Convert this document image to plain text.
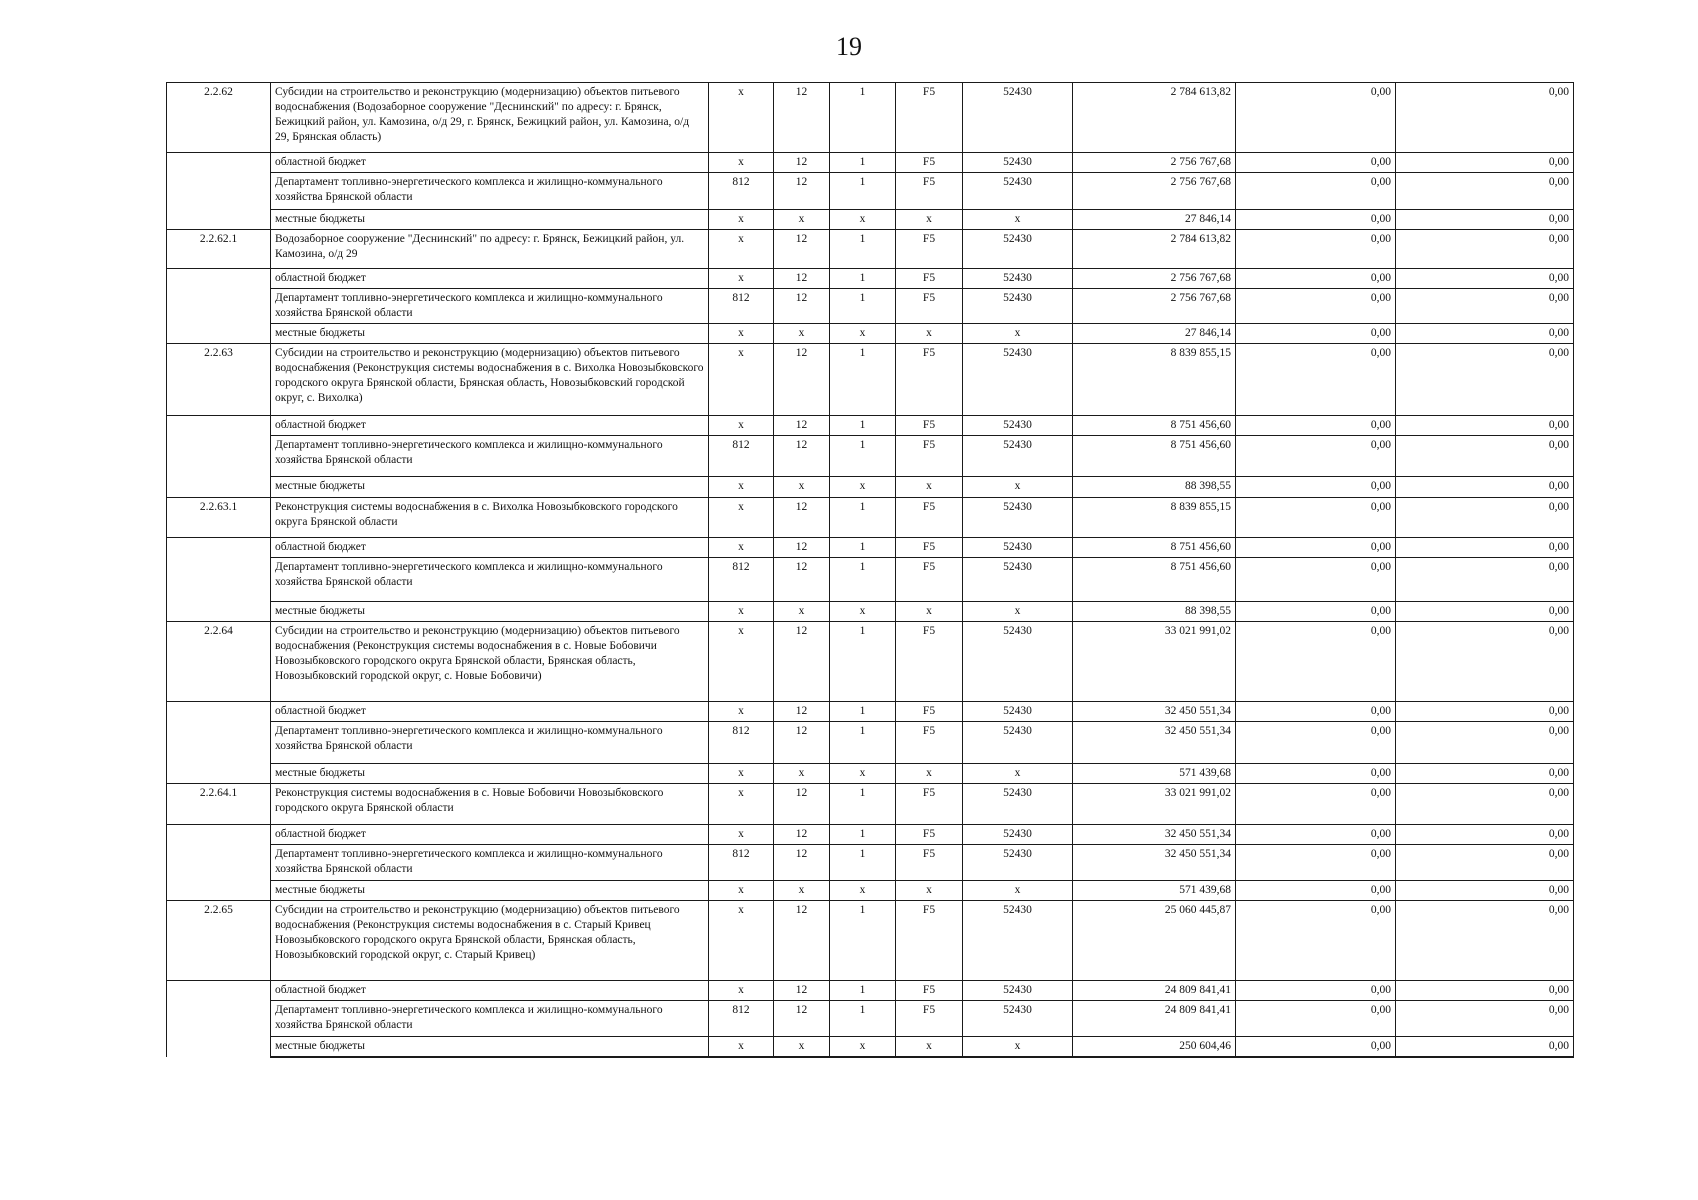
19
2.2.62	Субсидии на строительство и реконструкцию (модернизацию) объектов питьевого водоснабжения (Водозаборное сооружение "Деснинский" по адресу: г. Брянск, Бежицкий район, ул. Камозина, о/д 29, г. Брянск, Бежицкий район, ул. Камозина, о/д 29, Брянская область)	x	12	1	F5	52430	2 784 613,82	0,00	0,00
	областной бюджет	x	12	1	F5	52430	2 756 767,68	0,00	0,00
	Департамент топливно-энергетического комплекса и жилищно-коммунального хозяйства Брянской области	812	12	1	F5	52430	2 756 767,68	0,00	0,00
	местные бюджеты	x	x	x	x	x	27 846,14	0,00	0,00
2.2.62.1	Водозаборное сооружение "Деснинский" по адресу: г. Брянск, Бежицкий район, ул. Камозина, о/д 29	x	12	1	F5	52430	2 784 613,82	0,00	0,00
	областной бюджет	x	12	1	F5	52430	2 756 767,68	0,00	0,00
	Департамент топливно-энергетического комплекса и жилищно-коммунального хозяйства Брянской области	812	12	1	F5	52430	2 756 767,68	0,00	0,00
	местные бюджеты	x	x	x	x	x	27 846,14	0,00	0,00
2.2.63	Субсидии на строительство и реконструкцию (модернизацию) объектов питьевого водоснабжения (Реконструкция системы водоснабжения в с. Вихолка Новозыбковского городского округа Брянской области, Брянская область, Новозыбковский городской округ, с. Вихолка)	x	12	1	F5	52430	8 839 855,15	0,00	0,00
	областной бюджет	x	12	1	F5	52430	8 751 456,60	0,00	0,00
	Департамент топливно-энергетического комплекса и жилищно-коммунального хозяйства Брянской области	812	12	1	F5	52430	8 751 456,60	0,00	0,00
	местные бюджеты	x	x	x	x	x	88 398,55	0,00	0,00
2.2.63.1	Реконструкция системы водоснабжения в с. Вихолка Новозыбковского городского округа Брянской области	x	12	1	F5	52430	8 839 855,15	0,00	0,00
	областной бюджет	x	12	1	F5	52430	8 751 456,60	0,00	0,00
	Департамент топливно-энергетического комплекса и жилищно-коммунального хозяйства Брянской области	812	12	1	F5	52430	8 751 456,60	0,00	0,00
	местные бюджеты	x	x	x	x	x	88 398,55	0,00	0,00
2.2.64	Субсидии на строительство и реконструкцию (модернизацию) объектов питьевого водоснабжения (Реконструкция системы водоснабжения в с. Новые Бобовичи Новозыбковского городского округа Брянской области, Брянская область, Новозыбковский городской округ, с. Новые Бобовичи)	x	12	1	F5	52430	33 021 991,02	0,00	0,00
	областной бюджет	x	12	1	F5	52430	32 450 551,34	0,00	0,00
	Департамент топливно-энергетического комплекса и жилищно-коммунального хозяйства Брянской области	812	12	1	F5	52430	32 450 551,34	0,00	0,00
	местные бюджеты	x	x	x	x	x	571 439,68	0,00	0,00
2.2.64.1	Реконструкция системы водоснабжения в с. Новые Бобовичи Новозыбковского городского округа Брянской области	x	12	1	F5	52430	33 021 991,02	0,00	0,00
	областной бюджет	x	12	1	F5	52430	32 450 551,34	0,00	0,00
	Департамент топливно-энергетического комплекса и жилищно-коммунального хозяйства Брянской области	812	12	1	F5	52430	32 450 551,34	0,00	0,00
	местные бюджеты	x	x	x	x	x	571 439,68	0,00	0,00
2.2.65	Субсидии на строительство и реконструкцию (модернизацию) объектов питьевого водоснабжения (Реконструкция системы водоснабжения в с. Старый Кривец Новозыбковского городского округа Брянской области, Брянская область, Новозыбковский городской округ, с. Старый Кривец)	x	12	1	F5	52430	25 060 445,87	0,00	0,00
	областной бюджет	x	12	1	F5	52430	24 809 841,41	0,00	0,00
	Департамент топливно-энергетического комплекса и жилищно-коммунального хозяйства Брянской области	812	12	1	F5	52430	24 809 841,41	0,00	0,00
	местные бюджеты	x	x	x	x	x	250 604,46	0,00	0,00
